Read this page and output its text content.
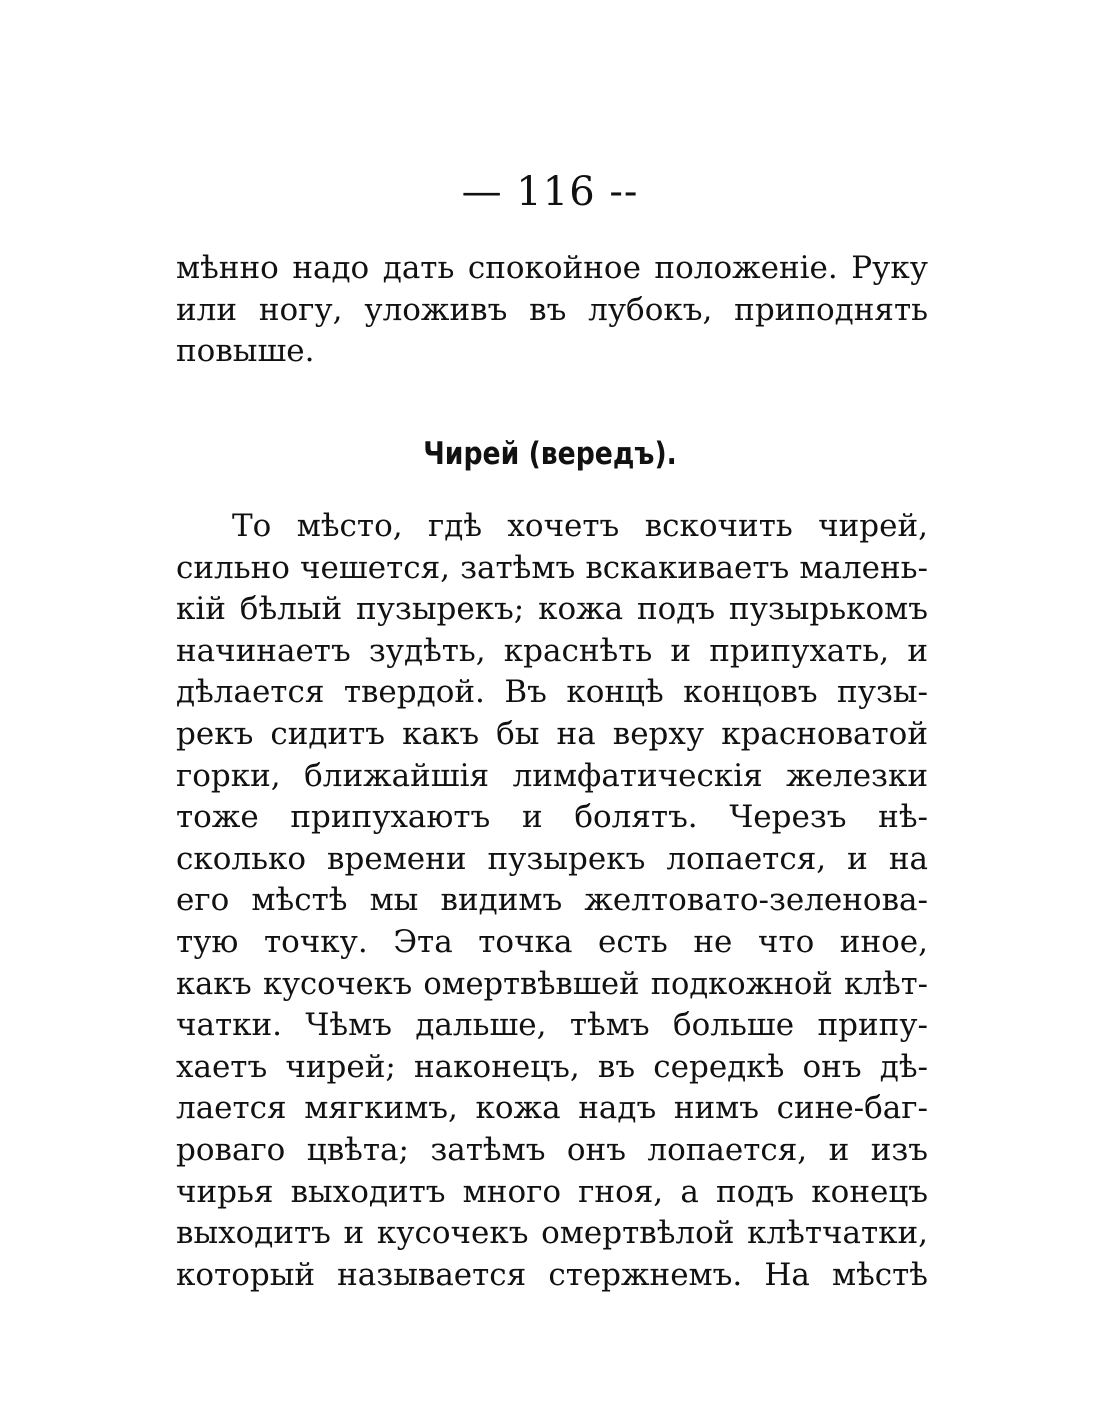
— 116 --
мѣнно надо дать спокойное положенiе. Руку
или ногу, уложивъ въ лубокъ, приподнять
повыше.
Чирей (вередъ).
То мѣсто, гдѣ хочетъ вскочить чирей,
сильно чешется, затѣмъ вскакиваетъ малень-
кiй бѣлый пузырекъ; кожа подъ пузырькомъ
начинаетъ зудѣть, краснѣть и припухать, и
дѣлается твердой. Въ концѣ концовъ пузы-
рекъ сидитъ какъ бы на верху красноватой
горки, ближайшiя лимфатическiя железки
тоже припухаютъ и болятъ. Черезъ нѣ-
сколько времени пузырекъ лопается, и на
его мѣстѣ мы видимъ желтовато-зеленова-
тую точку. Эта точка есть не что иное,
какъ кусочекъ омертвѣвшей подкожной клѣт-
чатки. Чѣмъ дальше, тѣмъ больше припу-
хаетъ чирей; наконецъ, въ середкѣ онъ дѣ-
лается мягкимъ, кожа надъ нимъ сине-баг-
роваго цвѣта; затѣмъ онъ лопается, и изъ
чирья выходитъ много гноя, а подъ конецъ
выходитъ и кусочекъ омертвѣлой клѣтчатки,
который называется стержнемъ. На мѣстѣ
